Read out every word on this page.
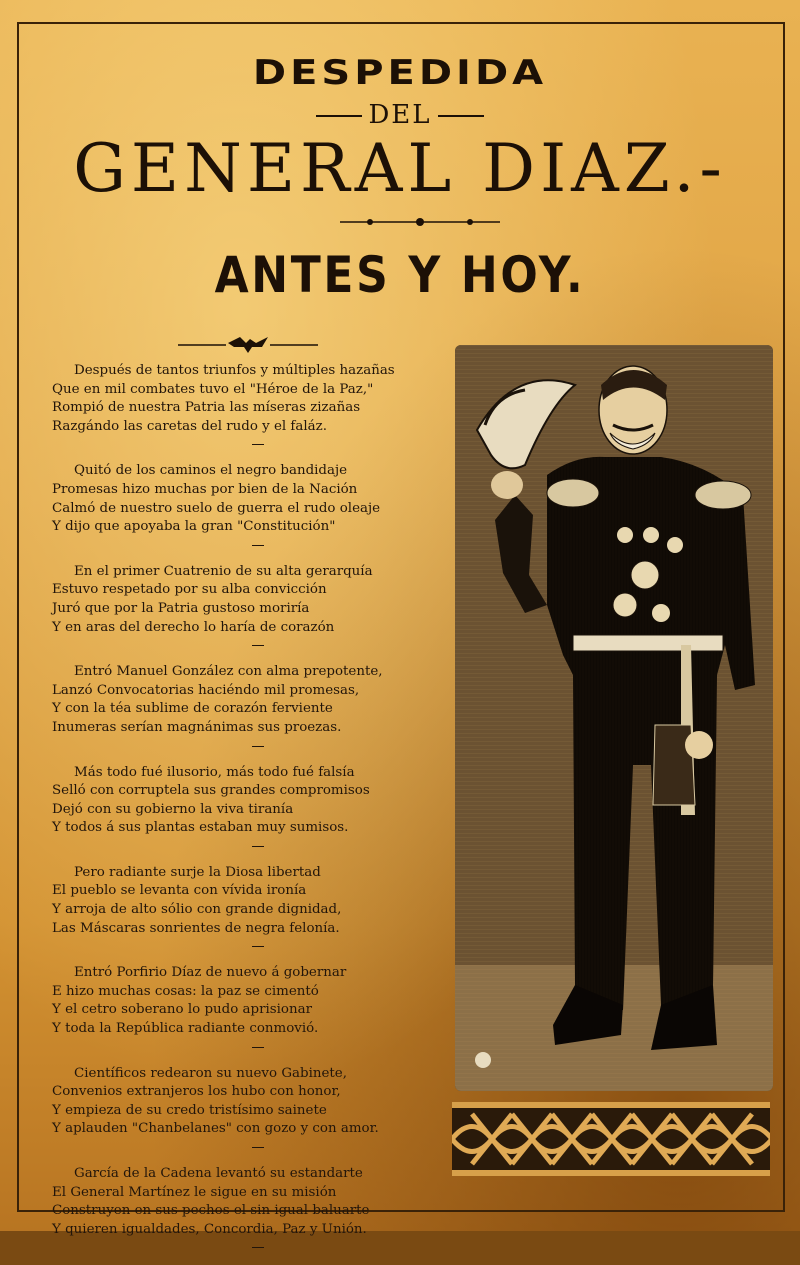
DESPEDIDA
DEL
GENERAL DIAZ.-
ANTES Y HOY.
Después de tantos triunfos y múltiples hazañas
Que en mil combates tuvo el "Héroe de la Paz,"
Rompió de nuestra Patria las míseras zizañas
Razgándo las caretas del rudo y el faláz.
Quitó de los caminos el negro bandidaje
Promesas hizo muchas por bien de la Nación
Calmó de nuestro suelo de guerra el rudo oleaje
Y dijo que apoyaba la gran "Constitución"
En el primer Cuatrenio de su alta gerarquía
Estuvo respetado por su alba convicción
Juró que por la Patria gustoso moriría
Y en aras del derecho lo haría de corazón
Entró Manuel González con alma prepotente,
Lanzó Convocatorias haciéndo mil promesas,
Y con la téa sublime de corazón ferviente
Inumeras serían magnánimas sus proezas.
Más todo fué ilusorio, más todo fué falsía
Selló con corruptela sus grandes compromisos
Dejó con su gobierno la viva tiranía
Y todos á sus plantas estaban muy sumisos.
Pero radiante surje la Diosa libertad
El pueblo se levanta con vívida ironía
Y arroja de alto sólio con grande dignidad,
Las Máscaras sonrientes de negra felonía.
Entró Porfirio Díaz de nuevo á gobernar
E hizo muchas cosas: la paz se cimentó
Y el cetro soberano lo pudo aprisionar
Y toda la República radiante conmovió.
Científicos redearon su nuevo Gabinete,
Convenios extranjeros los hubo con honor,
Y empieza de su credo tristísimo sainete
Y aplauden "Chanbelanes" con gozo y con amor.
García de la Cadena levantó su estandarte
El General Martínez le sigue en su misión
Construyen en sus pechos el sin igual baluarte
Y quieren igualdades, Concordia, Paz y Unión.
